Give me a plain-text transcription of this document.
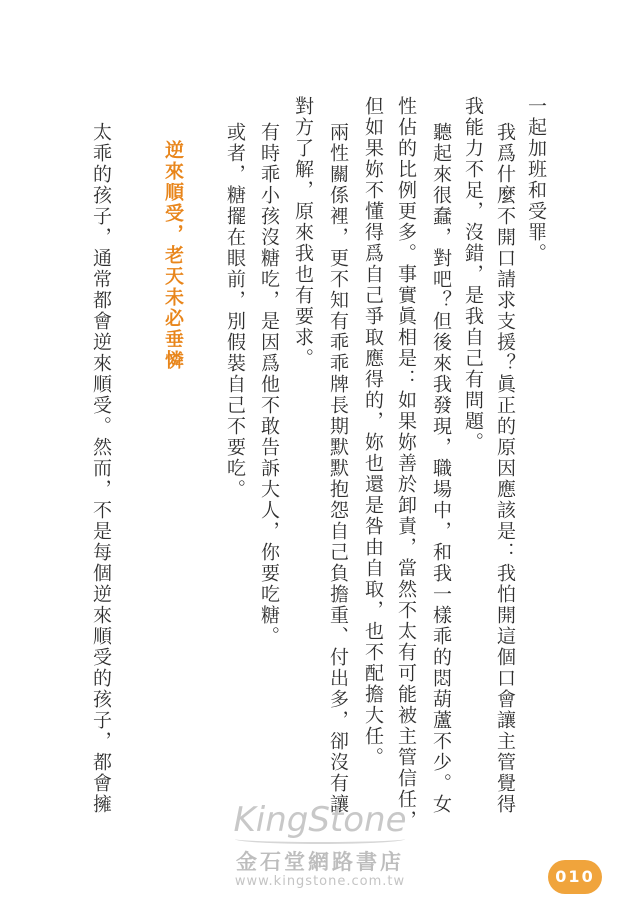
一起加班和受罪。
我爲什麼不開口請求支援？眞正的原因應該是：我怕開這個口會讓主管覺得
我能力不足，沒錯，是我自己有問題。
聽起來很蠢，對吧？但後來我發現，職場中，和我一樣乖的悶葫蘆不少。女
性佔的比例更多。事實眞相是：如果妳善於卸責，當然不太有可能被主管信任，
但如果妳不懂得爲自己爭取應得的，妳也還是咎由自取，也不配擔大任。
兩性關係裡，更不知有乖乖牌長期默默抱怨自己負擔重、付出多，卻沒有讓
對方了解，原來我也有要求。
有時乖小孩沒糖吃，是因爲他不敢告訴大人，你要吃糖。
或者，糖擺在眼前，別假裝自己不要吃。
逆來順受，老天未必垂憐
太乖的孩子，通常都會逆來順受。然而，不是每個逆來順受的孩子，都會擁
KingStone
金石堂網路書店
www.kingstone.com.tw	010
